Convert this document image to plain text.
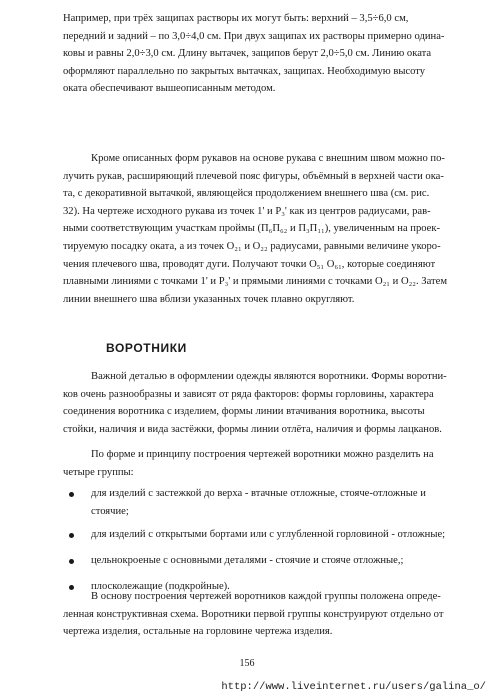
Например, при трёх защипах растворы их могут быть: верхний – 3,5÷6,0 см,
передний и задний – по 3,0÷4,0 см. При двух защипах их растворы примерно одина-
ковы и равны 2,0÷3,0 см. Длину вытачек, защипов берут 2,0÷5,0 см. Линию оката
оформляют параллельно по закрытых вытачках, защипах. Необходимую высоту
оката обеспечивают вышеописанным методом.
Кроме описанных форм рукавов на основе рукава с внешним швом можно по-
лучить рукав, расширяющий плечевой пояс фигуры, объёмный в верхней части ока-
та, с декоративной вытачкой, являющейся продолжением внешнего шва (см. рис.
32). На чертеже исходного рукава из точек 1' и P₃' как из центров радиусами, рав-
ными соответствующим участкам проймы (П₆П₆₂ и П₃П₁₁), увеличенным на проек-
тируемую посадку оката, а из точек O₂₁ и O₂₂ радиусами, равными величине укоро-
чения плечевого шва, проводят дуги. Получают точки O₅₁ O₆₁, которые соединяют
плавными линиями с точками 1' и P₃' и прямыми линиями с точками O₂₁ и O₂₂. Затем
линии внешнего шва вблизи указанных точек плавно округляют.
ВОРОТНИКИ
Важной деталью в оформлении одежды являются воротники. Формы воротни-
ков очень разнообразны и зависят от ряда факторов: формы горловины, характера
соединения воротника с изделием, формы линии втачивания воротника, высоты
стойки, наличия и вида застёжки, формы линии отлёта, наличия и формы лацканов.
По форме и принципу построения чертежей воротники можно разделить на
четыре группы:
для изделий с застежкой до верха - втачные отложные, стояче-отложные и
стоячие;
для изделий с открытыми бортами или с углубленной горловиной - отложные;
цельнокроеные с основными деталями - стоячие и стояче отложные,;
плосколежащие (подкройные).
В основу построения чертежей воротников каждой группы положена опреде-
ленная конструктивная схема. Воротники первой группы конструируют отдельно от
чертежа изделия, остальные на горловине чертежа изделия.

156

http://www.liveinternet.ru/users/galina_o/
